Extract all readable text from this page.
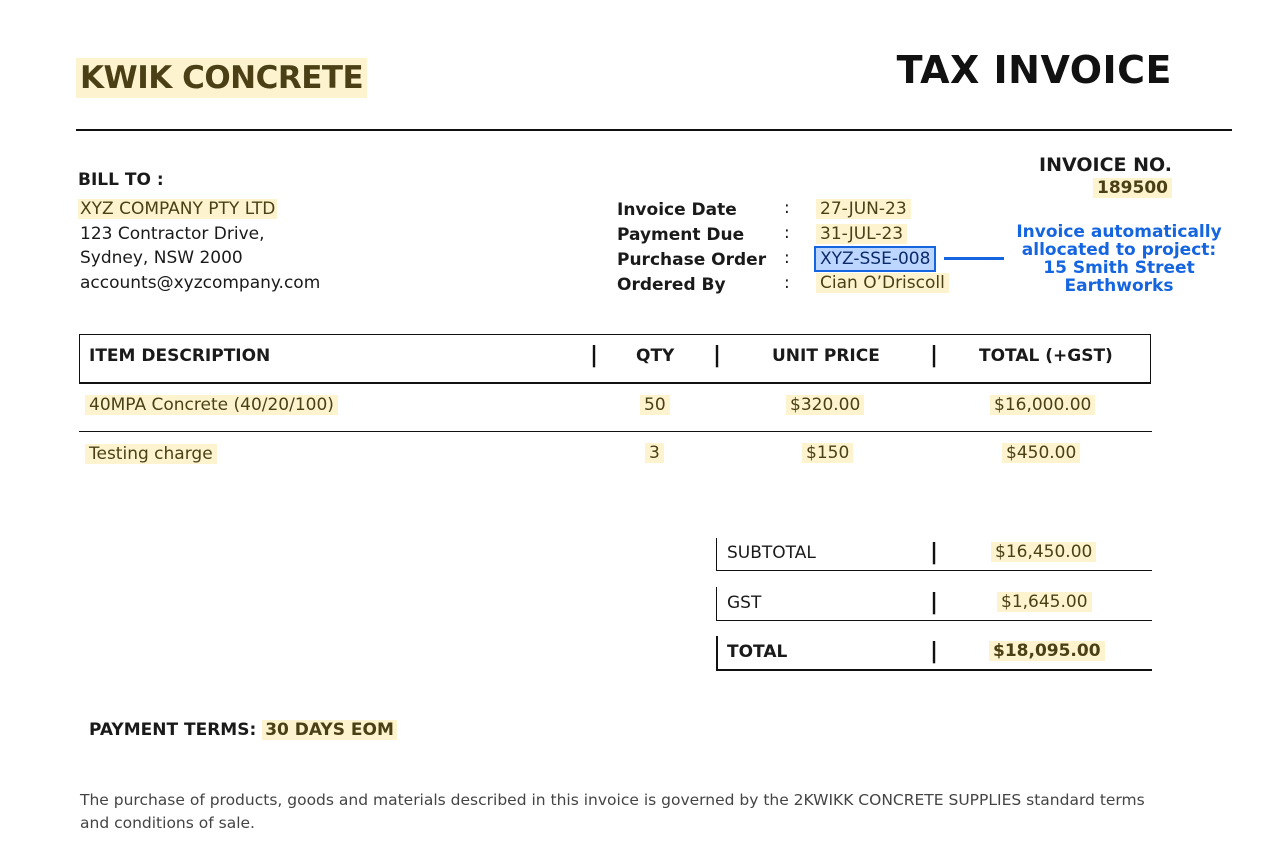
KWIK CONCRETE	TAX INVOICE
BILL TO :
XYZ COMPANY PTY LTD
123 Contractor Drive,
Sydney, NSW 2000
accounts@xyzcompany.com
INVOICE NO.
189500
Invoice Date	: 27-JUN-23
Payment Due : 31-JUL-23
Purchase Order :	XYZ-SSE-008
Ordered By	: Cian O’Driscoll
Invoice automatically
allocated to project:
15 Smith Street
Earthworks
ITEM DESCRIPTION	| QTY |	UNIT PRICE | TOTAL (+GST)
40MPA Concrete (40/20/100)	50	$320.00	$16,000.00
Testing charge	3	$150	$450.00
SUBTOTAL	|	$16,450.00
GST	|	$1,645.00
TOTAL	|	$18,095.00
PAYMENT TERMS: 30 DAYS EOM
The purchase of products, goods and materials described in this invoice is governed by the 2KWIKK CONCRETE SUPPLIES standard terms
and conditions of sale.
